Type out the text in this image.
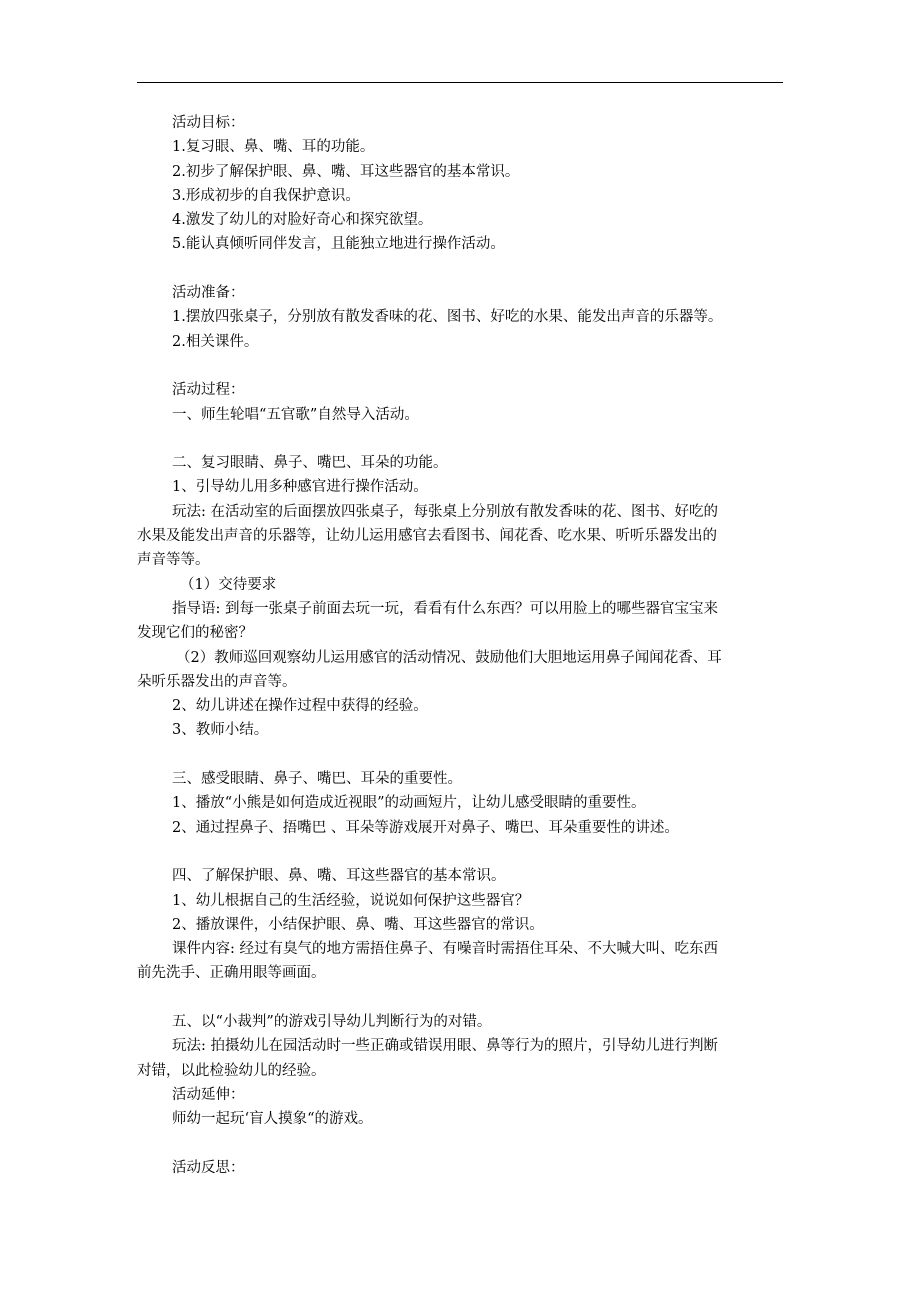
活动目标：
1.复习眼、鼻、嘴、耳的功能。
2.初步了解保护眼、鼻、嘴、耳这些器官的基本常识。
3.形成初步的自我保护意识。
4.激发了幼儿的对脸好奇心和探究欲望。
5.能认真倾听同伴发言，且能独立地进行操作活动。
活动准备：
1.摆放四张桌子，分别放有散发香味的花、图书、好吃的水果、能发出声音的乐器等。
2.相关课件。
活动过程：
一、师生轮唱“五官歌”自然导入活动。
二、复习眼睛、鼻子、嘴巴、耳朵的功能。
1、引导幼儿用多种感官进行操作活动。
玩法: 在活动室的后面摆放四张桌子，每张桌上分别放有散发香味的花、图书、好吃的
水果及能发出声音的乐器等，让幼儿运用感官去看图书、闻花香、吃水果、听听乐器发出的
声音等等。
（1）交待要求
指导语: 到每一张桌子前面去玩一玩，看看有什么东西？可以用脸上的哪些器官宝宝来
发现它们的秘密？
（2）教师巡回观察幼儿运用感官的活动情况、鼓励他们大胆地运用鼻子闻闻花香、耳
朵听乐器发出的声音等。
2、幼儿讲述在操作过程中获得的经验。
3、教师小结。
三、感受眼睛、鼻子、嘴巴、耳朵的重要性。
1、播放“小熊是如何造成近视眼”的动画短片，让幼儿感受眼睛的重要性。
2、通过捏鼻子、捂嘴巴 、耳朵等游戏展开对鼻子、嘴巴、耳朵重要性的讲述。
四、了解保护眼、鼻、嘴、耳这些器官的基本常识。
1、幼儿根据自己的生活经验，说说如何保护这些器官？
2、播放课件，小结保护眼、鼻、嘴、耳这些器官的常识。
课件内容: 经过有臭气的地方需捂住鼻子、有噪音时需捂住耳朵、不大喊大叫、吃东西
前先洗手、正确用眼等画面。
五、以“小裁判”的游戏引导幼儿判断行为的对错。
玩法: 拍摄幼儿在园活动时一些正确或错误用眼、鼻等行为的照片，引导幼儿进行判断
对错，以此检验幼儿的经验。
活动延伸：
师幼一起玩‘盲人摸象“的游戏。
活动反思：
